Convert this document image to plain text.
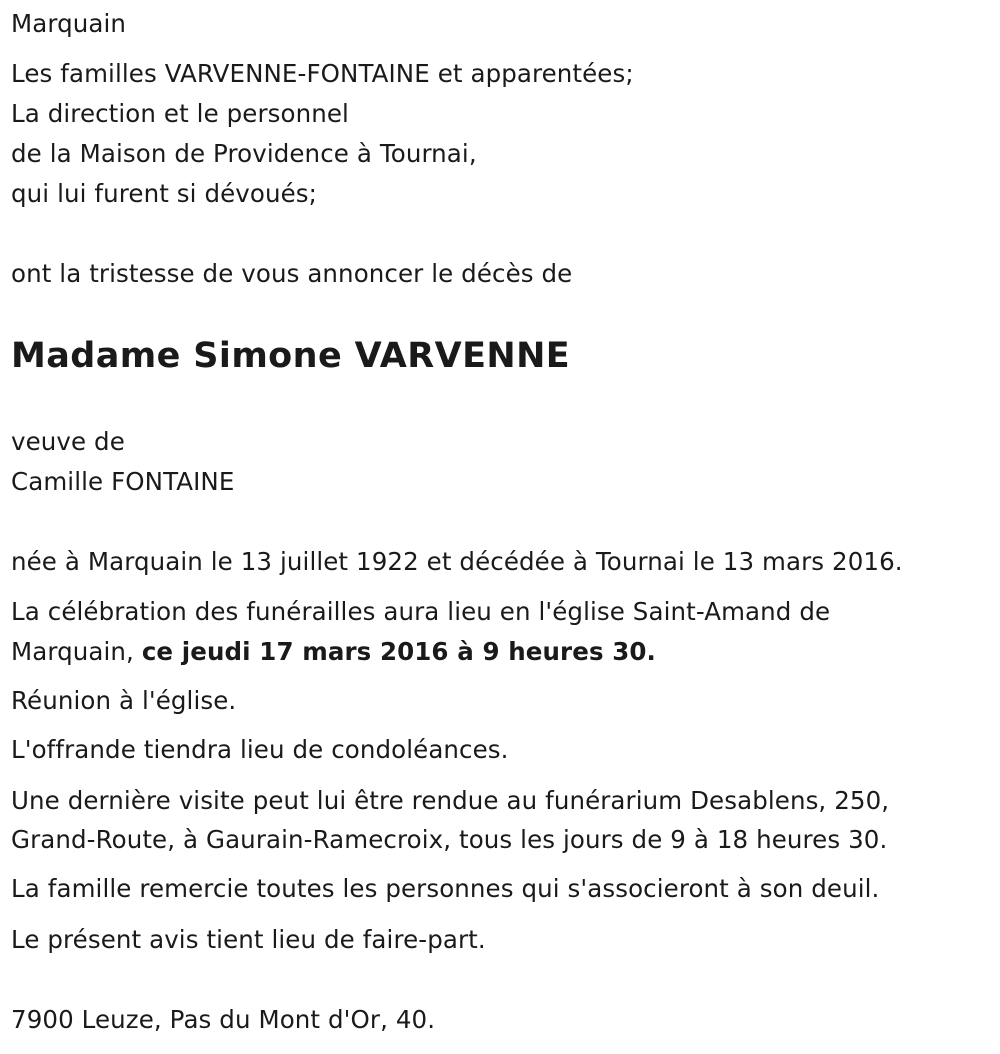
Marquain
Les familles VARVENNE-FONTAINE et apparentées;
La direction et le personnel
de la Maison de Providence à Tournai,
qui lui furent si dévoués;
ont la tristesse de vous annoncer le décès de
Madame Simone VARVENNE
veuve de
Camille FONTAINE
née à Marquain le 13 juillet 1922 et décédée à Tournai le 13 mars 2016.
La célébration des funérailles aura lieu en l'église Saint-Amand de
Marquain, ce jeudi 17 mars 2016 à 9 heures 30.
Réunion à l'église.
L'offrande tiendra lieu de condoléances.
Une dernière visite peut lui être rendue au funérarium Desablens, 250,
Grand-Route, à Gaurain-Ramecroix, tous les jours de 9 à 18 heures 30.
La famille remercie toutes les personnes qui s'associeront à son deuil.
Le présent avis tient lieu de faire-part.
7900 Leuze, Pas du Mont d'Or, 40.
